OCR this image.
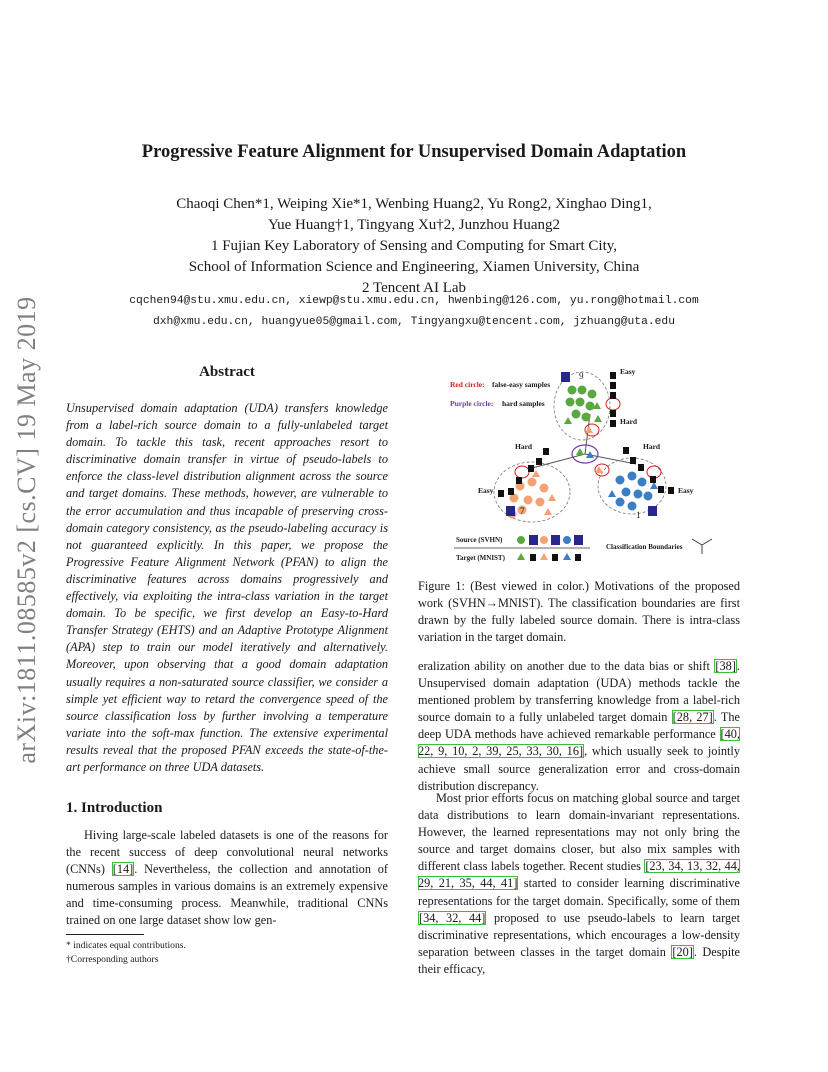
arXiv:1811.08585v2 [cs.CV] 19 May 2019
Progressive Feature Alignment for Unsupervised Domain Adaptation
Chaoqi Chen*1, Weiping Xie*1, Wenbing Huang2, Yu Rong2, Xinghao Ding1,
Yue Huang†1, Tingyang Xu†2, Junzhou Huang2
1 Fujian Key Laboratory of Sensing and Computing for Smart City,
School of Information Science and Engineering, Xiamen University, China
2 Tencent AI Lab
cqchen94@stu.xmu.edu.cn, xiewp@stu.xmu.edu.cn, hwenbing@126.com, yu.rong@hotmail.com
dxh@xmu.edu.cn, huangyue05@gmail.com, Tingyangxu@tencent.com, jzhuang@uta.edu
Abstract
Unsupervised domain adaptation (UDA) transfers knowledge from a label-rich source domain to a fully-unlabeled target domain. To tackle this task, recent approaches resort to discriminative domain transfer in virtue of pseudo-labels to enforce the class-level distribution alignment across the source and target domains. These methods, however, are vulnerable to the error accumulation and thus incapable of preserving cross-domain category consistency, as the pseudo-labeling accuracy is not guaranteed explicitly. In this paper, we propose the Progressive Feature Alignment Network (PFAN) to align the discriminative features across domains progressively and effectively, via exploiting the intra-class variation in the target domain. To be specific, we first develop an Easy-to-Hard Transfer Strategy (EHTS) and an Adaptive Prototype Alignment (APA) step to train our model iteratively and alternatively. Moreover, upon observing that a good domain adaptation usually requires a non-saturated source classifier, we consider a simple yet efficient way to retard the convergence speed of the source classification loss by further involving a temperature variate into the soft-max function. The extensive experimental results reveal that the proposed PFAN exceeds the state-of-the-art performance on three UDA datasets.
1. Introduction
Hiving large-scale labeled datasets is one of the reasons for the recent success of deep convolutional neural networks (CNNs) [14]. Nevertheless, the collection and annotation of numerous samples in various domains is an extremely expensive and time-consuming process. Meanwhile, traditional CNNs trained on one large dataset show low gen-
* indicates equal contributions.
†Corresponding authors
Red circle: false-easy samples
Purple circle: hard samples
Easy
Hard
Hard	Hard
Easy	Easy
9
7	1
Source (SVHN)
Target (MNIST)
Classification Boundaries
Figure 1: (Best viewed in color.) Motivations of the proposed work (SVHN→MNIST). The classification boundaries are first drawn by the fully labeled source domain. There is intra-class variation in the target domain.
eralization ability on another due to the data bias or shift [38]. Unsupervised domain adaptation (UDA) methods tackle the mentioned problem by transferring knowledge from a label-rich source domain to a fully unlabeled target domain [28, 27]. The deep UDA methods have achieved remarkable performance [40, 22, 9, 10, 2, 39, 25, 33, 30, 16], which usually seek to jointly achieve small source generalization error and cross-domain distribution discrepancy.
Most prior efforts focus on matching global source and target data distributions to learn domain-invariant representations. However, the learned representations may not only bring the source and target domains closer, but also mix samples with different class labels together. Recent studies [23, 34, 13, 32, 44, 29, 21, 35, 44, 41] started to consider learning discriminative representations for the target domain. Specifically, some of them [34, 32, 44] proposed to use pseudo-labels to learn target discriminative representations, which encourages a low-density separation between classes in the target domain [20]. Despite their efficacy,
